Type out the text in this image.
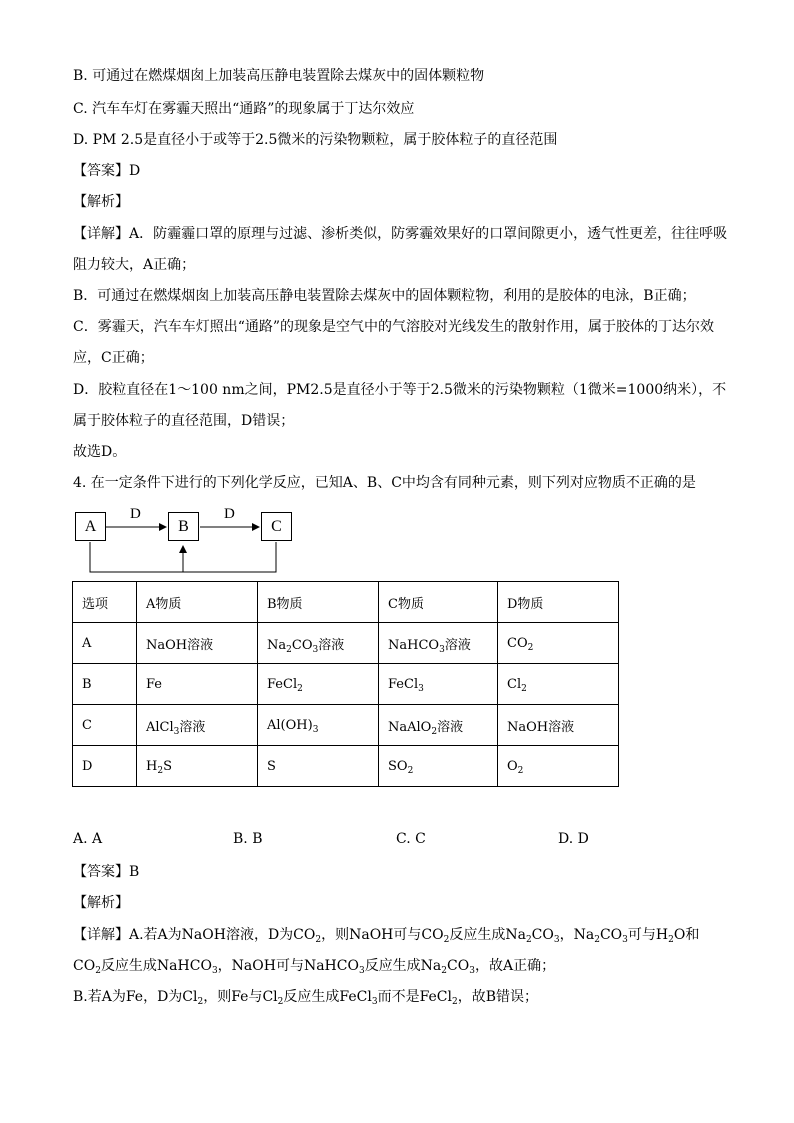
B. 可通过在燃煤烟囱上加装高压静电装置除去煤灰中的固体颗粒物
C. 汽车车灯在雾霾天照出“通路”的现象属于丁达尔效应
D. PM 2.5是直径小于或等于2.5微米的污染物颗粒，属于胶体粒子的直径范围
【答案】D
【解析】
【详解】A．防霾霾口罩的原理与过滤、渗析类似，防雾霾效果好的口罩间隙更小，透气性更差，往往呼吸
阻力较大，A正确；
B．可通过在燃煤烟囱上加装高压静电装置除去煤灰中的固体颗粒物，利用的是胶体的电泳，B正确；
C．雾霾天，汽车车灯照出“通路”的现象是空气中的气溶胶对光线发生的散射作用，属于胶体的丁达尔效
应，C正确；
D．胶粒直径在1～100 nm之间，PM2.5是直径小于等于2.5微米的污染物颗粒（1微米=1000纳米），不
属于胶体粒子的直径范围，D错误；
故选D。
4. 在一定条件下进行的下列化学反应，已知A、B、C中均含有同种元素，则下列对应物质不正确的是
A	B	C
D	D
选项	A物质	B物质	C物质	D物质
A	NaOH溶液	$Na_2CO_3$溶液	NaHCO$_3$溶液	$CO_2$
B	Fe	FeCl$_2$	FeCl$_3$	$Cl_2$
C	AlCl$_3$溶液	$Al(OH)_3$	NaAlO$_2$溶液	NaOH溶液
D	$H_2S$	S	$SO_2$	$O_2$
A. A	B. B	C. C	D. D
【答案】B
【解析】
【详解】A.若A为NaOH溶液，D为$CO_2$，则NaOH可与$CO_2$反应生成$Na_2CO_3$，$Na_2CO_3$可与$H_2O$和
$CO_2$反应生成NaHCO$_3$，NaOH可与NaHCO$_3$反应生成$Na_2CO_3$，故A正确；
B.若A为Fe，D为$Cl_2$，则Fe与$Cl_2$反应生成FeCl$_3$而不是FeCl$_2$，故B错误；
